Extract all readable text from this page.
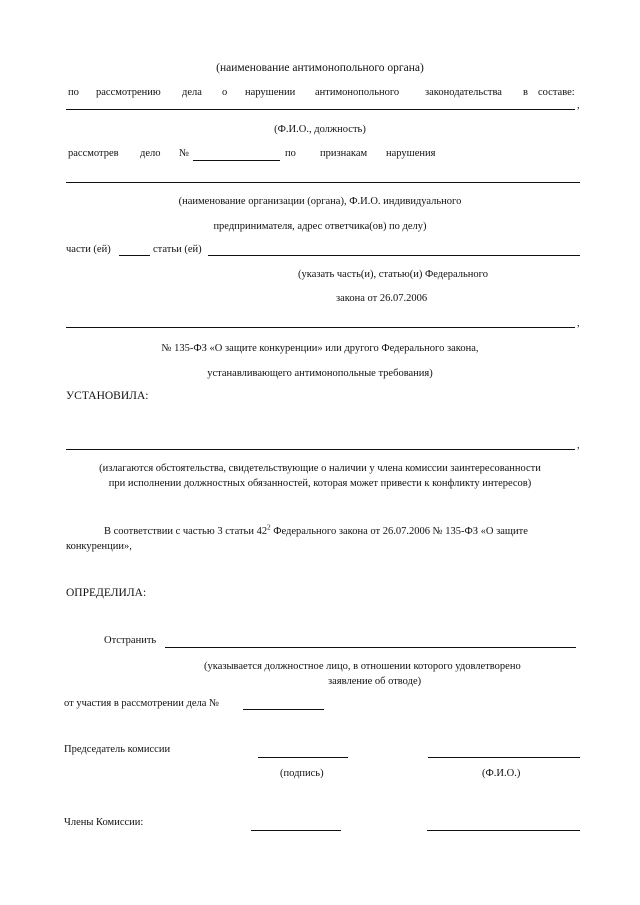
(наименование антимонопольного органа)
по рассмотрению дела о нарушении антимонопольного законодательства в составе:
,
(Ф.И.О., должность)
рассмотрев дело №	по признакам нарушения
(наименование организации (органа), Ф.И.О. индивидуального
предпринимателя, адрес ответчика(ов) по делу)
части (ей)	статьи (ей)
(указать часть(и), статью(и) Федерального
закона от 26.07.2006
,
№ 135-ФЗ «О защите конкуренции» или другого Федерального закона,
устанавливающего антимонопольные требования)
УСТАНОВИЛА:
,
(излагаются обстоятельства, свидетельствующие о наличии у члена комиссии заинтересованности
при исполнении должностных обязанностей, которая может привести к конфликту интересов)
В соответствии с частью 3 статьи $42^2$ Федерального закона от 26.07.2006 № 135-ФЗ «О защите
конкуренции»,
ОПРЕДЕЛИЛА:
Отстранить
(указывается должностное лицо, в отношении которого удовлетворено
заявление об отводе)
от участия в рассмотрении дела №
Председатель комиссии
(подпись)	(Ф.И.О.)
Члены Комиссии:
